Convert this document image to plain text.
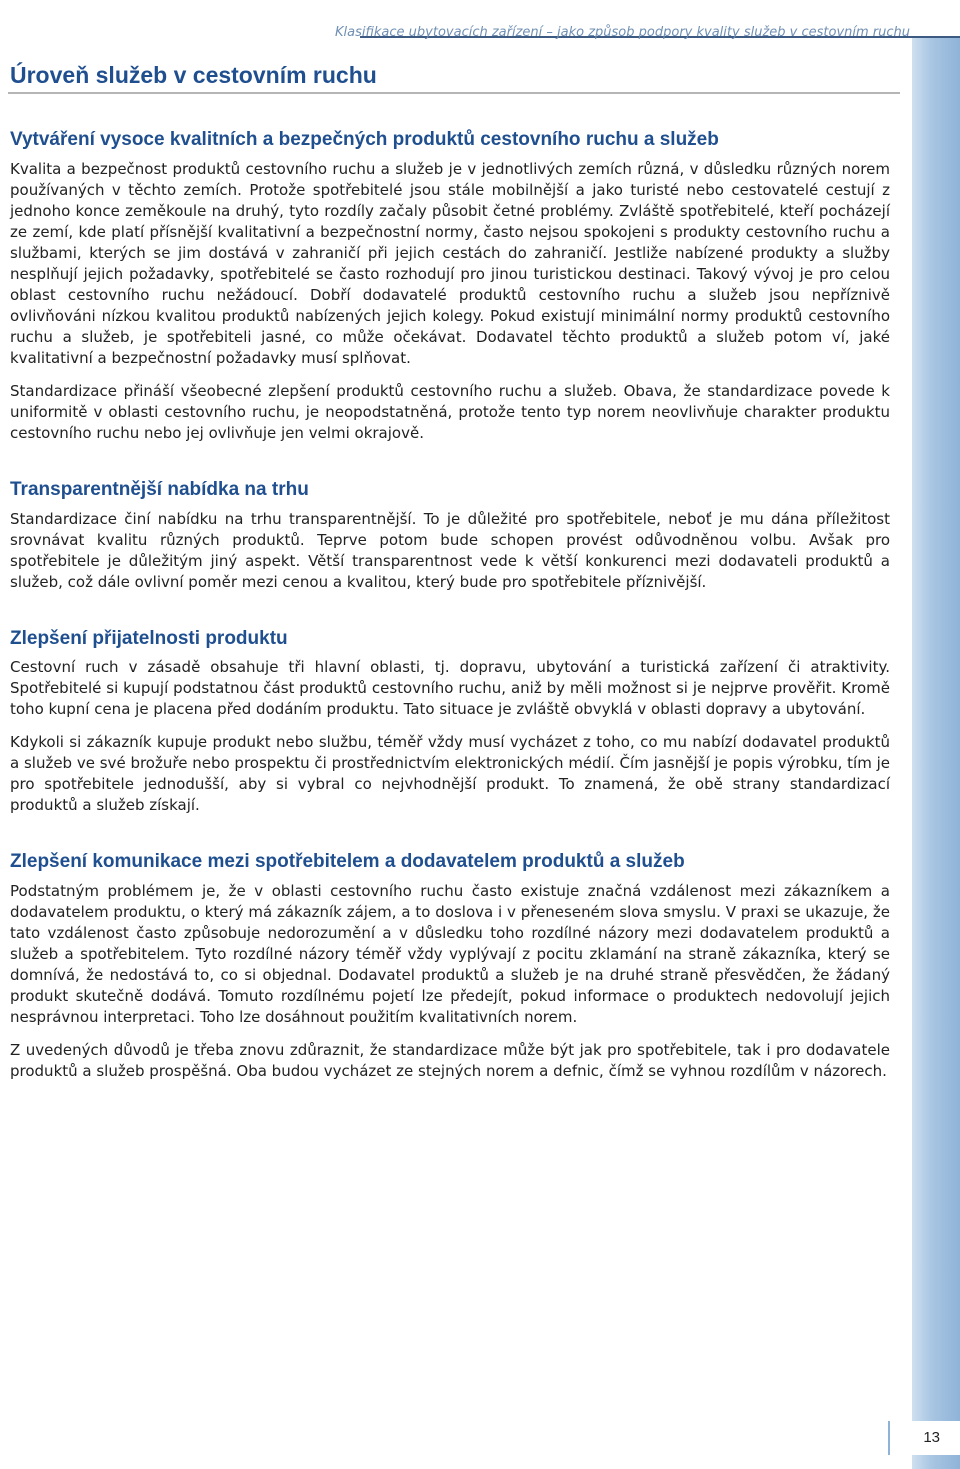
Klasifikace ubytovacích zařízení – jako způsob podpory kvality služeb v cestovním ruchu

Úroveň služeb v cestovním ruchu
Vytváření vysoce kvalitních a bezpečných produktů cestovního ruchu a služeb

Kvalita a bezpečnost produktů cestovního ruchu a služeb je v jednotlivých zemích různá, v důsledku různých norem používaných v těchto zemích. Protože spotřebitelé jsou stále mobilnější a jako turisté nebo cestovatelé cestují z jednoho konce zeměkoule na druhý, tyto rozdíly začaly působit četné problémy. Zvláště spotřebitelé, kteří pocházejí ze zemí, kde platí přísnější kvalitativní a bezpečnostní normy, často nejsou spokojeni s produkty cestovního ruchu a službami, kterých se jim dostává v zahraničí při jejich cestách do zahraničí. Jestliže nabízené produkty a služby nesplňují jejich požadavky, spotřebitelé se často rozhodují pro jinou turistickou destinaci. Takový vývoj je pro celou oblast cestovního ruchu nežádoucí. Dobří dodavatelé produktů cestovního ruchu a služeb jsou nepříznivě ovlivňováni nízkou kvalitou produktů nabízených jejich kolegy. Pokud existují minimální normy produktů cestovního ruchu a služeb, je spotřebiteli jasné, co může očekávat. Dodavatel těchto produktů a služeb potom ví, jaké kvalitativní a bezpečnostní požadavky musí splňovat.

Standardizace přináší všeobecné zlepšení produktů cestovního ruchu a služeb. Obava, že standardizace povede k uniformitě v oblasti cestovního ruchu, je neopodstatněná, protože tento typ norem neovlivňuje charakter produktu cestovního ruchu nebo jej ovlivňuje jen velmi okrajově.

Transparentnější nabídka na trhu

Standardizace činí nabídku na trhu transparentnější. To je důležité pro spotřebitele, neboť je mu dána příležitost srovnávat kvalitu různých produktů. Teprve potom bude schopen provést odůvodněnou volbu. Avšak pro spotřebitele je důležitým jiný aspekt. Větší transparentnost vede k větší konkurenci mezi dodavateli produktů a služeb, což dále ovlivní poměr mezi cenou a kvalitou, který bude pro spotřebitele příznivější.

Zlepšení přijatelnosti produktu

Cestovní ruch v zásadě obsahuje tři hlavní oblasti, tj. dopravu, ubytování a turistická zařízení či atraktivity. Spotřebitelé si kupují podstatnou část produktů cestovního ruchu, aniž by měli možnost si je nejprve prověřit. Kromě toho kupní cena je placena před dodáním produktu. Tato situace je zvláště obvyklá v oblasti dopravy a ubytování.

Kdykoli si zákazník kupuje produkt nebo službu, téměř vždy musí vycházet z toho, co mu nabízí dodavatel produktů a služeb ve své brožuře nebo prospektu či prostřednictvím elektronických médií. Čím jasnější je popis výrobku, tím je pro spotřebitele jednodušší, aby si vybral co nejvhodnější produkt. To znamená, že obě strany standardizací produktů a služeb získají.

Zlepšení komunikace mezi spotřebitelem a dodavatelem produktů a služeb

Podstatným problémem je, že v oblasti cestovního ruchu často existuje značná vzdálenost mezi zákazníkem a dodavatelem produktu, o který má zákazník zájem, a to doslova i v přeneseném slova smyslu. V praxi se ukazuje, že tato vzdálenost často způsobuje nedorozumění a v důsledku toho rozdílné názory mezi dodavatelem produktů a služeb a spotřebitelem. Tyto rozdílné názory téměř vždy vyplývají z pocitu zklamání na straně zákazníka, který se domnívá, že nedostává to, co si objednal. Dodavatel produktů a služeb je na druhé straně přesvědčen, že žádaný produkt skutečně dodává. Tomuto rozdílnému pojetí lze předejít, pokud informace o produktech nedovolují jejich nesprávnou interpretaci. Toho lze dosáhnout použitím kvalitativních norem.

Z uvedených důvodů je třeba znovu zdůraznit, že standardizace může být jak pro spotřebitele, tak i pro dodavatele produktů a služeb prospěšná. Oba budou vycházet ze stejných norem a defnic, čímž se vyhnou rozdílům v názorech.

13
